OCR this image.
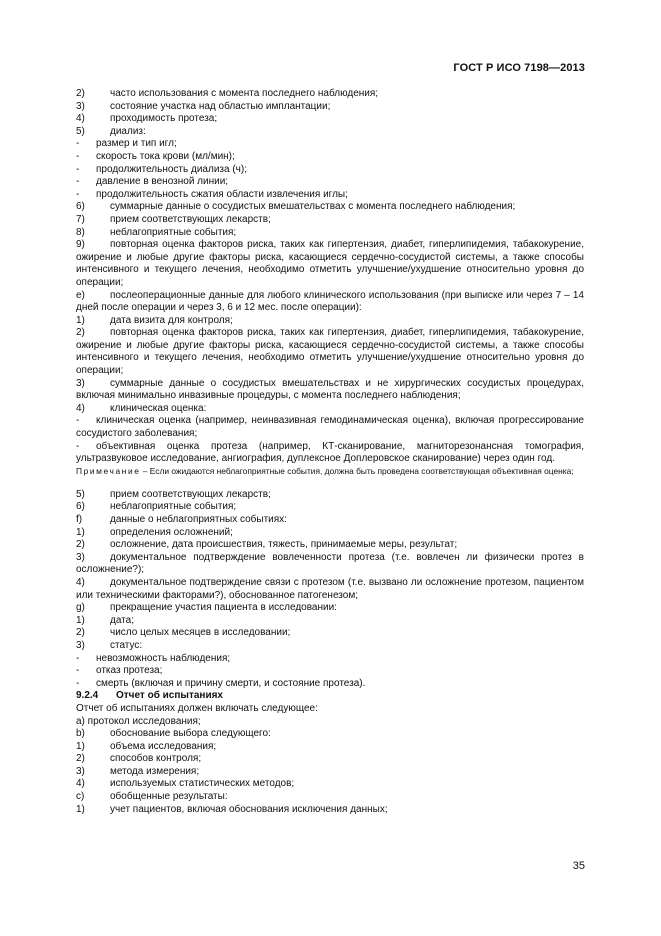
ГОСТ Р ИСО 7198—2013

2)	часто использования с момента последнего наблюдения;

3)	состояние участка над областью имплантации;

4)	проходимость протеза;

5)	диализ:

-	размер и тип игл;

-	скорость тока крови (мл/мин);

-	продолжительность диализа (ч);

-	давление в венозной линии;

-	продолжительность сжатия области извлечения иглы;

6)	суммарные данные о сосудистых вмешательствах с момента последнего наблюдения;

7)	прием соответствующих лекарств;

8)	неблагоприятные события;

9)	повторная оценка факторов риска, таких как гипертензия, диабет, гиперлипидемия, табакокурение, ожирение и любые другие факторы риска, касающиеся сердечно-сосудистой системы, а также способы интенсивного и текущего лечения, необходимо отметить улучшение/ухудшение относительно уровня до операции;

e)	послеоперационные данные для любого клинического использования (при выписке или через 7 – 14 дней после операции и через 3, 6 и 12 мес. после операции):

1)	дата визита для контроля;

2)	повторная оценка факторов риска, таких как гипертензия, диабет, гиперлипидемия, табакокурение, ожирение и любые другие факторы риска, касающиеся сердечно-сосудистой системы, а также способы интенсивного и текущего лечения, необходимо отметить улучшение/ухудшение относительно уровня до операции;

3)	суммарные данные о сосудистых вмешательствах и не хирургических сосудистых процедурах, включая минимально инвазивные процедуры, с момента последнего наблюдения;

4)	клиническая оценка:

- клиническая оценка (например, неинвазивная гемодинамическая оценка), включая прогрессирование сосудистого заболевания;

- объективная оценка протеза (например, КТ-сканирование, магниторезонансная томография, ультразвуковое исследование, ангиография, дуплексное Доплеровское сканирование) через один год.

Примечание – Если ожидаются неблагоприятные события, должна быть проведена соответствующая объективная оценка;

5)	прием соответствующих лекарств;

6)	неблагоприятные события;

f)	данные о неблагоприятных событиях:

1)	определения осложнений;

2)	осложнение, дата происшествия, тяжесть, принимаемые меры, результат;

3)	документальное подтверждение вовлеченности протеза (т.е. вовлечен ли физически протез в осложнение?);

4)	документальное подтверждение связи с протезом (т.е. вызвано ли осложнение протезом, пациентом или техническими факторами?), обоснованное патогенезом;

g)	прекращение участия пациента в исследовании:

1)	дата;

2)	число целых месяцев в исследовании;

3)	статус:

-	невозможность наблюдения;

-	отказ протеза;

-	смерть (включая и причину смерти, и состояние протеза).

9.2.4	Отчет об испытаниях

Отчет об испытаниях должен включать следующее:

а) протокол исследования;

b)	обоснование выбора следующего:

1)	объема исследования;

2)	способов контроля;

3)	метода измерения;

4)	используемых статистических методов;

c)	обобщенные результаты:

1)	учет пациентов, включая обоснования исключения данных;

35
